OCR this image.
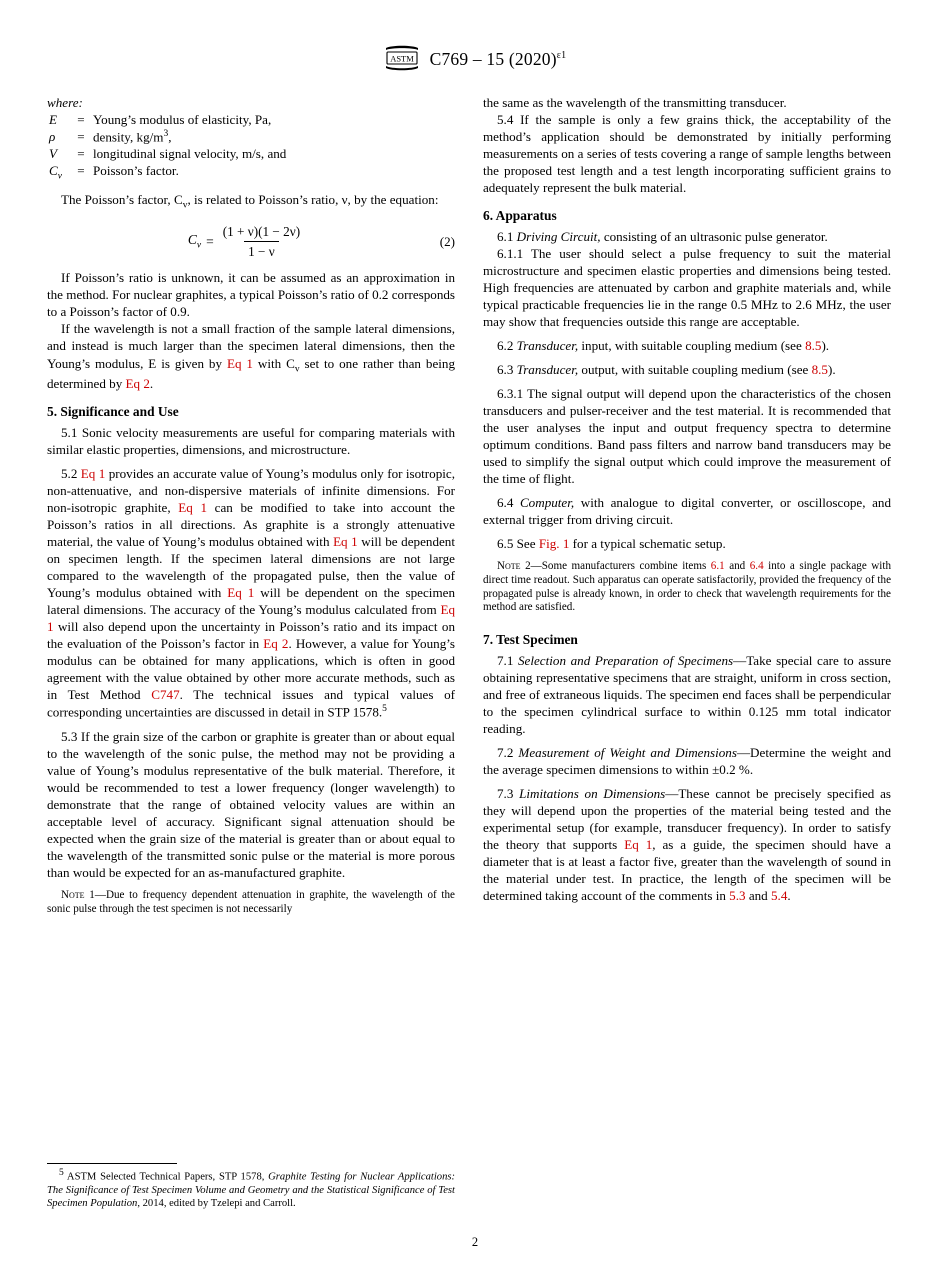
ASTM C769 – 15 $(2020)^{\varepsilon 1}$

where:

E	=	Young’s modulus of elasticity, Pa,
ρ	=	density, $kg/m^3$,
V	=	longitudinal signal velocity, m/s, and
$C_v$	=	Poisson’s factor.

The Poisson’s factor, $C_v$, is related to Poisson’s ratio, ν, by the equation:

$C_v = \frac{(1 + \nu)(1 - 2\nu)}{1 - \nu}$	(2)

If Poisson’s ratio is unknown, it can be assumed as an approximation in the method. For nuclear graphites, a typical Poisson’s ratio of 0.2 corresponds to a Poisson’s factor of 0.9.

If the wavelength is not a small fraction of the sample lateral dimensions, and instead is much larger than the specimen lateral dimensions, then the Young’s modulus, E is given by Eq 1 with $C_v$ set to one rather than being determined by Eq 2.

5. Significance and Use

5.1 Sonic velocity measurements are useful for comparing materials with similar elastic properties, dimensions, and microstructure.

5.2 Eq 1 provides an accurate value of Young’s modulus only for isotropic, non-attenuative, and non-dispersive materials of infinite dimensions. For non-isotropic graphite, Eq 1 can be modified to take into account the Poisson’s ratios in all directions. As graphite is a strongly attenuative material, the value of Young’s modulus obtained with Eq 1 will be dependent on specimen length. If the specimen lateral dimensions are not large compared to the wavelength of the propagated pulse, then the value of Young’s modulus obtained with Eq 1 will be dependent on the specimen lateral dimensions. The accuracy of the Young’s modulus calculated from Eq 1 will also depend upon the uncertainty in Poisson’s ratio and its impact on the evaluation of the Poisson’s factor in Eq 2. However, a value for Young’s modulus can be obtained for many applications, which is often in good agreement with the value obtained by other more accurate methods, such as in Test Method C747. The technical issues and typical values of corresponding uncertainties are discussed in detail in STP 1578.$^5$

5.3 If the grain size of the carbon or graphite is greater than or about equal to the wavelength of the sonic pulse, the method may not be providing a value of Young’s modulus representative of the bulk material. Therefore, it would be recommended to test a lower frequency (longer wavelength) to demonstrate that the range of obtained velocity values are within an acceptable level of accuracy. Significant signal attenuation should be expected when the grain size of the material is greater than or about equal to the wavelength of the transmitted sonic pulse or the material is more porous than would be expected for an as-manufactured graphite.

Note 1—Due to frequency dependent attenuation in graphite, the wavelength of the sonic pulse through the test specimen is not necessarily

the same as the wavelength of the transmitting transducer.

5.4 If the sample is only a few grains thick, the acceptability of the method’s application should be demonstrated by initially performing measurements on a series of tests covering a range of sample lengths between the proposed test length and a test length incorporating sufficient grains to adequately represent the bulk material.

6. Apparatus

6.1 Driving Circuit, consisting of an ultrasonic pulse generator.

6.1.1 The user should select a pulse frequency to suit the material microstructure and specimen elastic properties and dimensions being tested. High frequencies are attenuated by carbon and graphite materials and, while typical practicable frequencies lie in the range 0.5 MHz to 2.6 MHz, the user may show that frequencies outside this range are acceptable.

6.2 Transducer, input, with suitable coupling medium (see 8.5).

6.3 Transducer, output, with suitable coupling medium (see 8.5).

6.3.1 The signal output will depend upon the characteristics of the chosen transducers and pulser-receiver and the test material. It is recommended that the user analyses the input and output frequency spectra to determine optimum conditions. Band pass filters and narrow band transducers may be used to simplify the signal output which could improve the measurement of the time of flight.

6.4 Computer, with analogue to digital converter, or oscilloscope, and external trigger from driving circuit.

6.5 See Fig. 1 for a typical schematic setup.

Note 2—Some manufacturers combine items 6.1 and 6.4 into a single package with direct time readout. Such apparatus can operate satisfactorily, provided the frequency of the propagated pulse is already known, in order to check that wavelength requirements for the method are satisfied.

7. Test Specimen

7.1 Selection and Preparation of Specimens—Take special care to assure obtaining representative specimens that are straight, uniform in cross section, and free of extraneous liquids. The specimen end faces shall be perpendicular to the specimen cylindrical surface to within 0.125 mm total indicator reading.

7.2 Measurement of Weight and Dimensions—Determine the weight and the average specimen dimensions to within ±0.2 %.

7.3 Limitations on Dimensions—These cannot be precisely specified as they will depend upon the properties of the material being tested and the experimental setup (for example, transducer frequency). In order to satisfy the theory that supports Eq 1, as a guide, the specimen should have a diameter that is at least a factor five, greater than the wavelength of sound in the material under test. In practice, the length of the specimen will be determined taking account of the comments in 5.3 and 5.4.

5 ASTM Selected Technical Papers, STP 1578, Graphite Testing for Nuclear Applications: The Significance of Test Specimen Volume and Geometry and the Statistical Significance of Test Specimen Population, 2014, edited by Tzelepi and Carroll.

2
